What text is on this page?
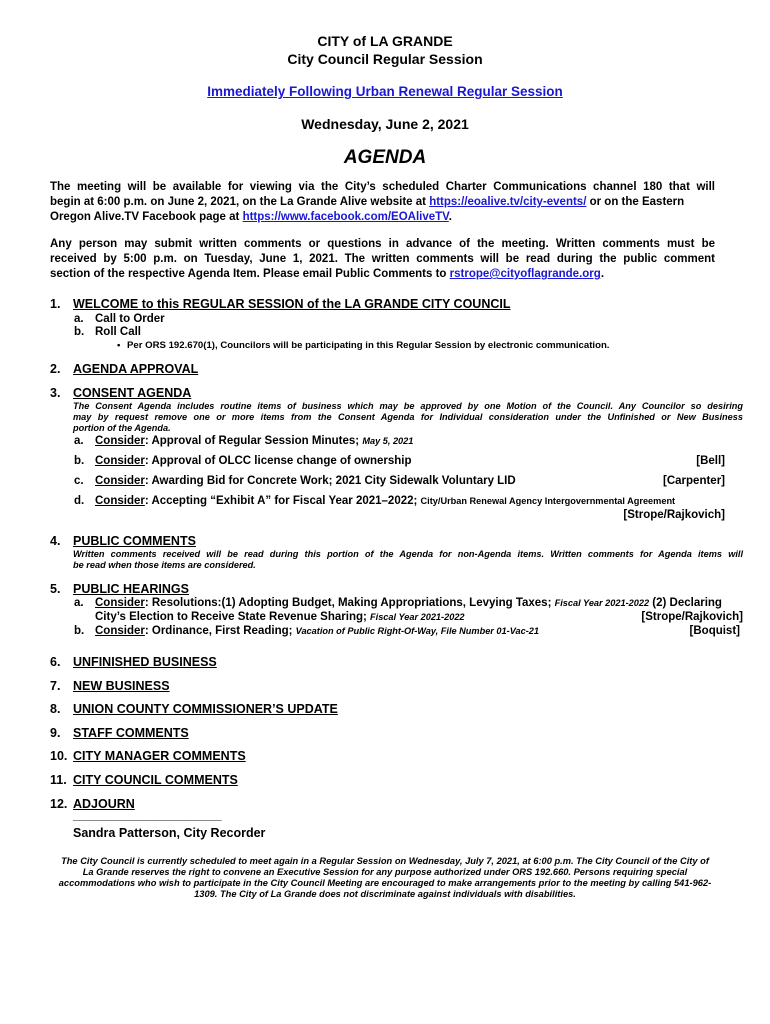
CITY of LA GRANDE
City Council Regular Session
Immediately Following Urban Renewal Regular Session
Wednesday, June 2, 2021
AGENDA
The meeting will be available for viewing via the City’s scheduled Charter Communications channel 180 that will
begin at 6:00 p.m. on June 2, 2021, on the La Grande Alive website at https://eoalive.tv/city-events/ or on the Eastern
Oregon Alive.TV Facebook page at https://www.facebook.com/EOAliveTV.
Any person may submit written comments or questions in advance of the meeting. Written comments must be
received by 5:00 p.m. on Tuesday, June 1, 2021. The written comments will be read during the public comment
section of the respective Agenda Item. Please email Public Comments to rstrope@cityoflagrande.org.
1. WELCOME to this REGULAR SESSION of the LA GRANDE CITY COUNCIL
a. Call to Order
b. Roll Call
• Per ORS 192.670(1), Councilors will be participating in this Regular Session by electronic communication.
2. AGENDA APPROVAL
3. CONSENT AGENDA
The Consent Agenda includes routine items of business which may be approved by one Motion of the Council. Any Councilor so desiring
may by request remove one or more items from the Consent Agenda for Individual consideration under the Unfinished or New Business
portion of the Agenda.
a. Consider: Approval of Regular Session Minutes; May 5, 2021
b. Consider: Approval of OLCC license change of ownership	[Bell]
c. Consider: Awarding Bid for Concrete Work; 2021 City Sidewalk Voluntary LID	[Carpenter]
d. Consider: Accepting “Exhibit A” for Fiscal Year 2021–2022; City/Urban Renewal Agency Intergovernmental Agreement
[Strope/Rajkovich]
4. PUBLIC COMMENTS
Written comments received will be read during this portion of the Agenda for non-Agenda items. Written comments for Agenda items will
be read when those items are considered.
5. PUBLIC HEARINGS
a. Consider: Resolutions:(1) Adopting Budget, Making Appropriations, Levying Taxes; Fiscal Year 2021-2022 (2) Declaring
City’s Election to Receive State Revenue Sharing; Fiscal Year 2021-2022	[Strope/Rajkovich]
b. Consider: Ordinance, First Reading; Vacation of Public Right-Of-Way, File Number 01-Vac-21	[Boquist]
6. UNFINISHED BUSINESS
7. NEW BUSINESS
8. UNION COUNTY COMMISSIONER’S UPDATE
9. STAFF COMMENTS
10. CITY MANAGER COMMENTS
11. CITY COUNCIL COMMENTS
12. ADJOURN
________________________
Sandra Patterson, City Recorder
The City Council is currently scheduled to meet again in a Regular Session on Wednesday, July 7, 2021, at 6:00 p.m. The City Council of the City of
La Grande reserves the right to convene an Executive Session for any purpose authorized under ORS 192.660. Persons requiring special
accommodations who wish to participate in the City Council Meeting are encouraged to make arrangements prior to the meeting by calling 541-962-
1309. The City of La Grande does not discriminate against individuals with disabilities.
